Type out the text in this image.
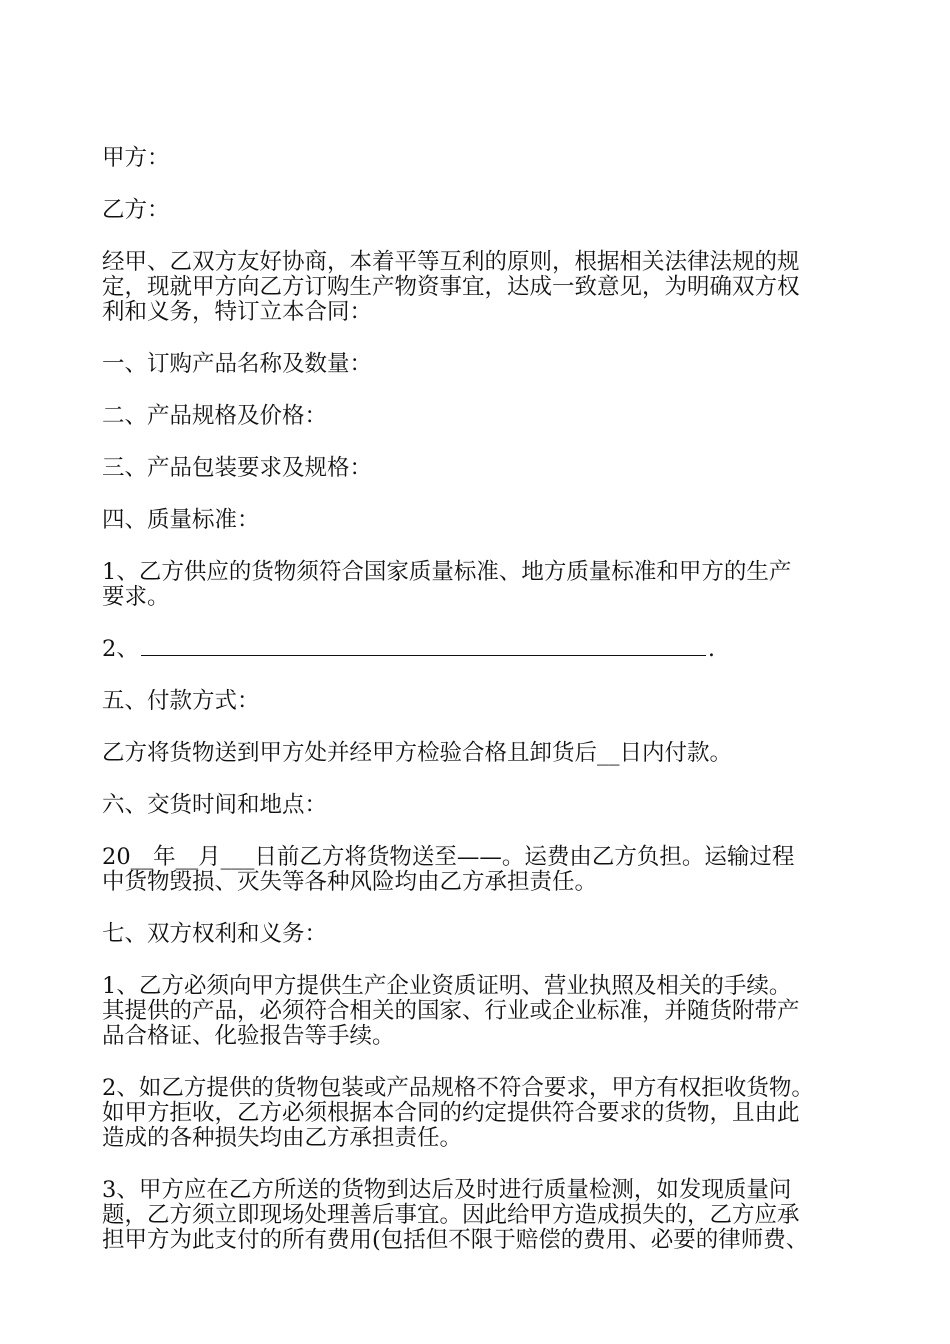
甲方：

乙方：

经甲、乙双方友好协商，本着平等互利的原则，根据相关法律法规的规
定，现就甲方向乙方订购生产物资事宜，达成一致意见，为明确双方权
利和义务，特订立本合同：

一、订购产品名称及数量：

二、产品规格及价格：

三、产品包装要求及规格：

四、质量标准：

1、乙方供应的货物须符合国家质量标准、地方质量标准和甲方的生产
要求。

2、	.

五、付款方式：

乙方将货物送到甲方处并经甲方检验合格且卸货后__日内付款。

六、交货时间和地点：

20__年__月___日前乙方将货物送至——。运费由乙方负担。运输过程
中货物毁损、灭失等各种风险均由乙方承担责任。

七、双方权利和义务：

1、乙方必须向甲方提供生产企业资质证明、营业执照及相关的手续。
其提供的产品，必须符合相关的国家、行业或企业标准，并随货附带产
品合格证、化验报告等手续。

2、如乙方提供的货物包装或产品规格不符合要求，甲方有权拒收货物。
如甲方拒收，乙方必须根据本合同的约定提供符合要求的货物，且由此
造成的各种损失均由乙方承担责任。

3、甲方应在乙方所送的货物到达后及时进行质量检测，如发现质量问
题，乙方须立即现场处理善后事宜。因此给甲方造成损失的，乙方应承
担甲方为此支付的所有费用(包括但不限于赔偿的费用、必要的律师费、
